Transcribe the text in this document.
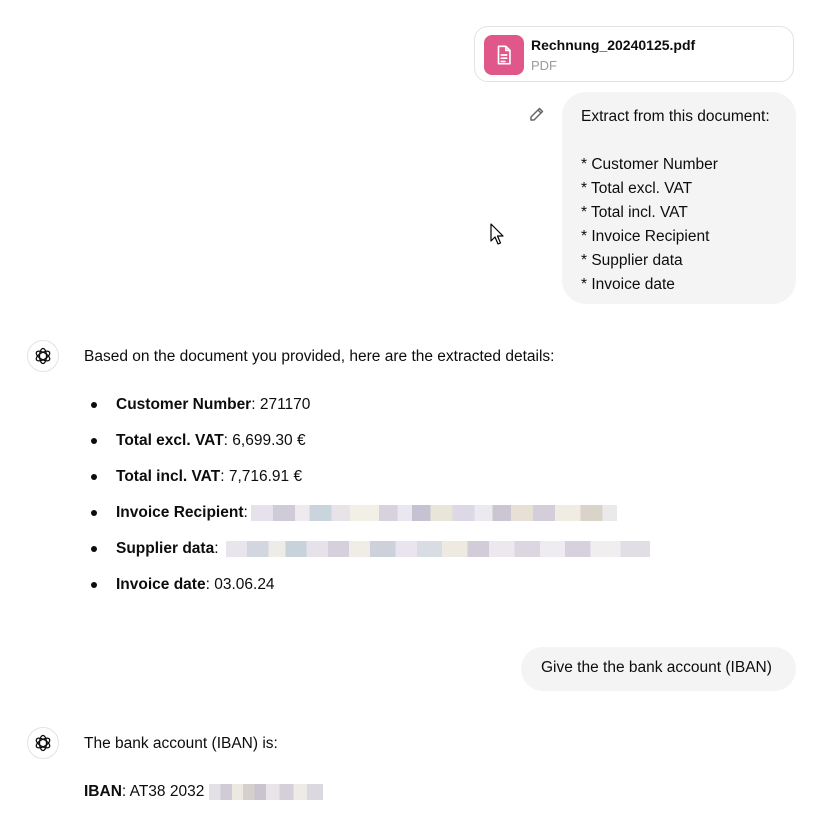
Rechnung_20240125.pdf
PDF
Extract from this document:
* Customer Number
* Total excl. VAT
* Total incl. VAT
* Invoice Recipient
* Supplier data
* Invoice date
Based on the document you provided, here are the extracted details:
Customer Number: 271170
Total excl. VAT: 6,699.30 €
Total incl. VAT: 7,716.91 €
Invoice Recipient:
Supplier data:
Invoice date: 03.06.24
Give the the bank account (IBAN)
The bank account (IBAN) is:
IBAN: AT38 2032
